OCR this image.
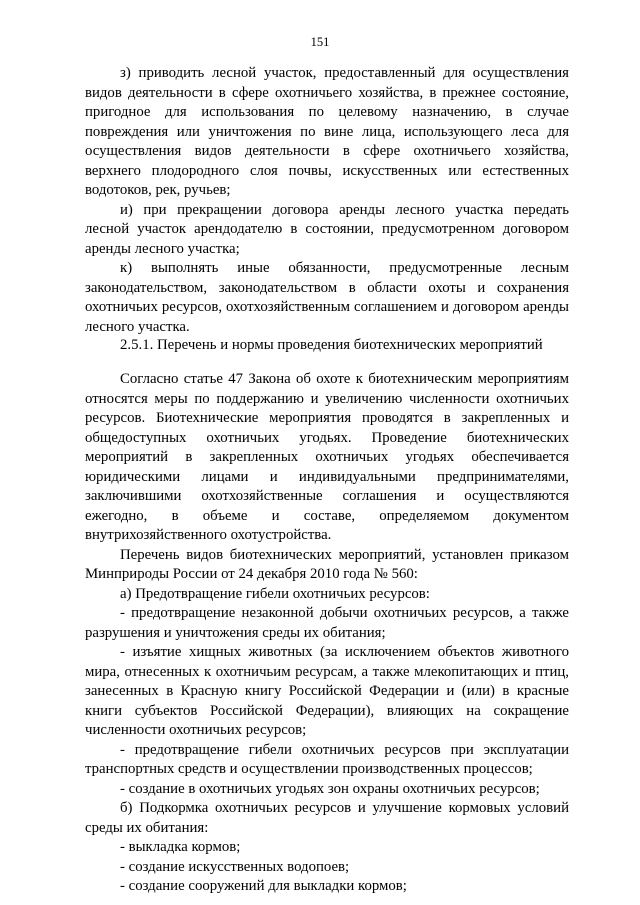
151

з) приводить лесной участок, предоставленный для осуществления видов деятельности в сфере охотничьего хозяйства, в прежнее состояние, пригодное для использования по целевому назначению, в случае повреждения или уничтожения по вине лица, использующего леса для осуществления видов деятельности в сфере охотничьего хозяйства, верхнего плодородного слоя почвы, искусственных или естественных водотоков, рек, ручьев;

и) при прекращении договора аренды лесного участка передать лесной участок арендодателю в состоянии, предусмотренном договором аренды лесного участка;

к) выполнять иные обязанности, предусмотренные лесным законодательством, законодательством в области охоты и сохранения охотничьих ресурсов, охотхозяйственным соглашением и договором аренды лесного участка.

2.5.1. Перечень и нормы проведения биотехнических мероприятий

Согласно статье 47 Закона об охоте к биотехническим мероприятиям относятся меры по поддержанию и увеличению численности охотничьих ресурсов. Биотехнические мероприятия проводятся в закрепленных и общедоступных охотничьих угодьях. Проведение биотехнических мероприятий в закрепленных охотничьих угодьях обеспечивается юридическими лицами и индивидуальными предпринимателями, заключившими охотхозяйственные соглашения и осуществляются ежегодно, в объеме и составе, определяемом документом внутрихозяйственного охотустройства.

Перечень видов биотехнических мероприятий, установлен приказом Минприроды России от 24 декабря 2010 года № 560:

а) Предотвращение гибели охотничьих ресурсов:

- предотвращение незаконной добычи охотничьих ресурсов, а также разрушения и уничтожения среды их обитания;

- изъятие хищных животных (за исключением объектов животного мира, отнесенных к охотничьим ресурсам, а также млекопитающих и птиц, занесенных в Красную книгу Российской Федерации и (или) в красные книги субъектов Российской Федерации), влияющих на сокращение численности охотничьих ресурсов;

- предотвращение гибели охотничьих ресурсов при эксплуатации транспортных средств и осуществлении производственных процессов;

- создание в охотничьих угодьях зон охраны охотничьих ресурсов;

б) Подкормка охотничьих ресурсов и улучшение кормовых условий среды их обитания:

- выкладка кормов;

- создание искусственных водопоев;

- создание сооружений для выкладки кормов;
